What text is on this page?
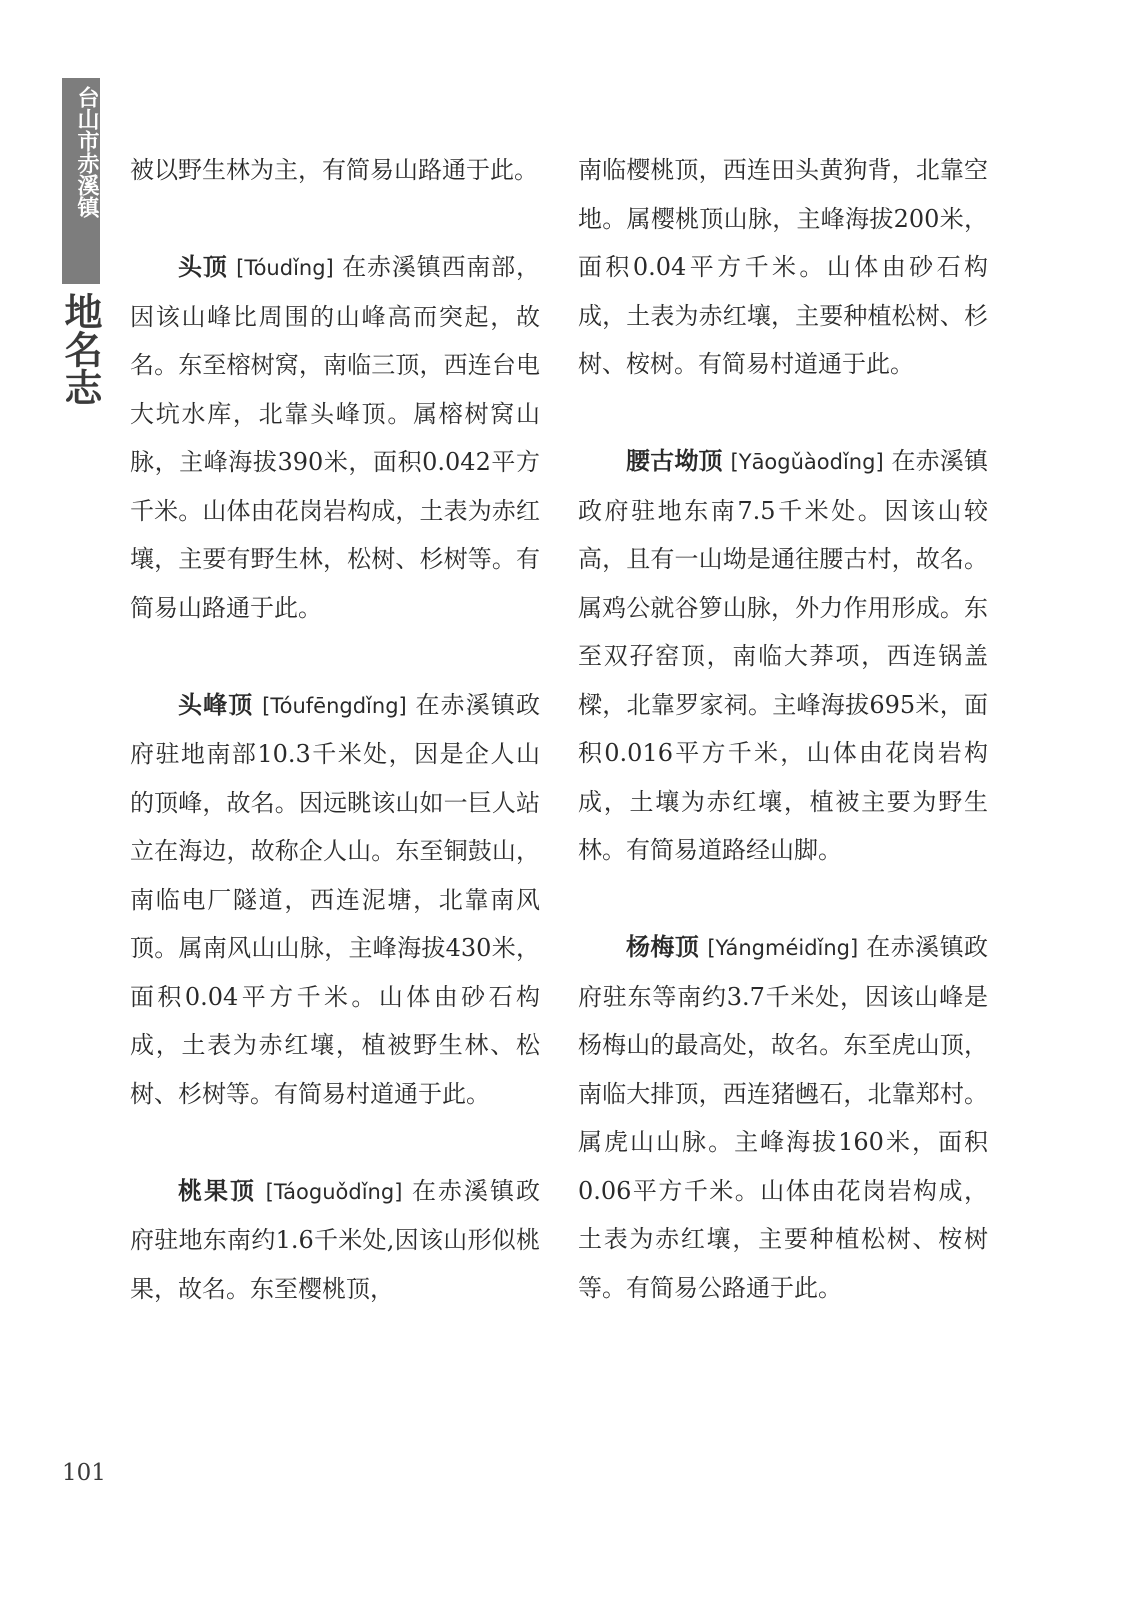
台山市赤溪镇
地名志

被以野生林为主，有简易山路通于此。

头顶 [Tóudǐng] 在赤溪镇西南部，因该山峰比周围的山峰高而突起，故名。东至榕树窝，南临三顶，西连台电大坑水库，北靠头峰顶。属榕树窝山脉，主峰海拔390米，面积0.042平方千米。山体由花岗岩构成，土表为赤红壤，主要有野生林，松树、杉树等。有简易山路通于此。

头峰顶 [Tóufēngdǐng] 在赤溪镇政府驻地南部10.3千米处，因是企人山的顶峰，故名。因远眺该山如一巨人站立在海边，故称企人山。东至铜鼓山，南临电厂隧道，西连泥塘，北靠南风顶。属南风山山脉，主峰海拔430米，面积0.04平方千米。山体由砂石构成，土表为赤红壤，植被野生林、松树、杉树等。有简易村道通于此。

桃果顶 [Táoguǒdǐng] 在赤溪镇政府驻地东南约1.6千米处,因该山形似桃果，故名。东至樱桃顶，

南临樱桃顶，西连田头黄狗背，北靠空地。属樱桃顶山脉，主峰海拔200米，面积0.04平方千米。山体由砂石构成，土表为赤红壤，主要种植松树、杉树、桉树。有简易村道通于此。

腰古坳顶 [Yāogǔàodǐng] 在赤溪镇政府驻地东南7.5千米处。因该山较高，且有一山坳是通往腰古村，故名。属鸡公就谷箩山脉，外力作用形成。东至双孖窑顶，南临大莽项，西连锅盖樑，北靠罗家祠。主峰海拔695米，面积0.016平方千米，山体由花岗岩构成，土壤为赤红壤，植被主要为野生林。有简易道路经山脚。

杨梅顶 [Yángméidǐng] 在赤溪镇政府驻东等南约3.7千米处，因该山峰是杨梅山的最高处，故名。东至虎山顶，南临大排顶，西连猪乸石，北靠郑村。属虎山山脉。主峰海拔160米，面积0.06平方千米。山体由花岗岩构成，土表为赤红壤，主要种植松树、桉树等。有简易公路通于此。

101
